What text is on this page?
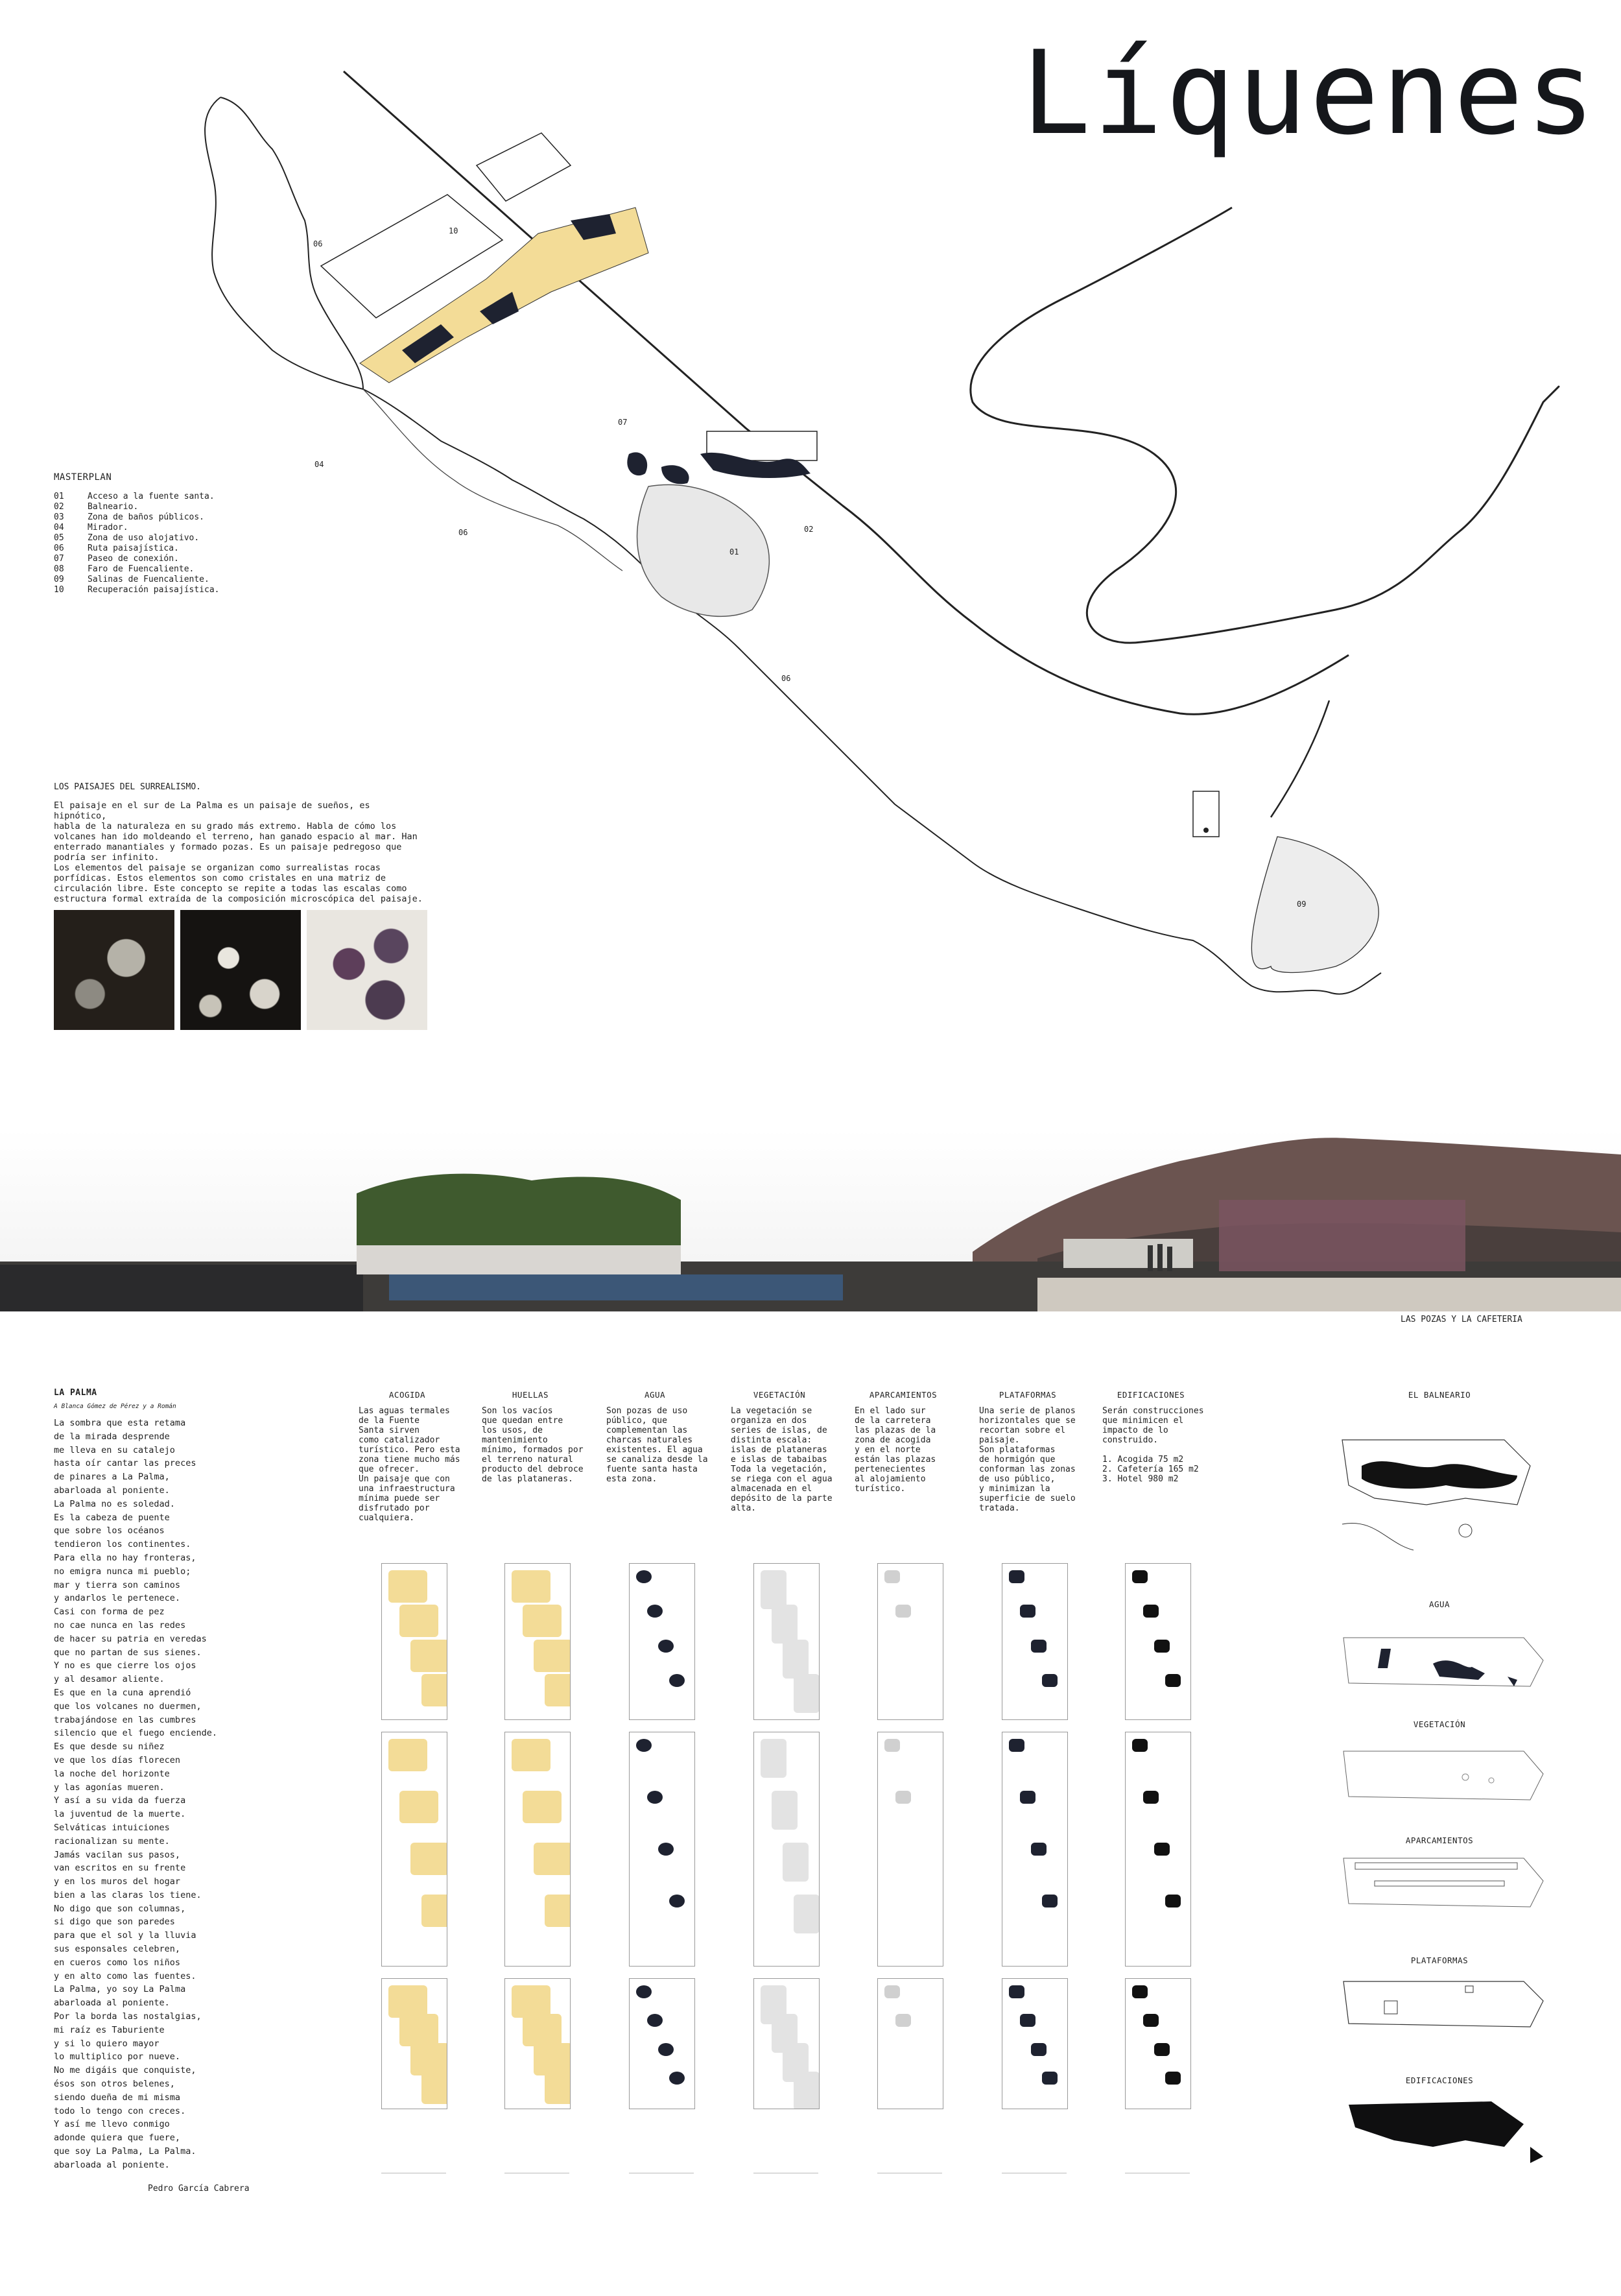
Líquenes
10
06
04
07
06
01
02
06
09
MASTERPLAN
01	Acceso a la fuente santa.
02	Balneario.
03	Zona de baños públicos.
04	Mirador.
05	Zona de uso alojativo.
06	Ruta paisajística.
07	Paseo de conexión.
08	Faro de Fuencaliente.
09	Salinas de Fuencaliente.
10	Recuperación paisajística.
LOS PAISAJES DEL SURREALISMO.
El paisaje en el sur de La Palma es un paisaje de sueños, es hipnótico,
habla de la naturaleza en su grado más extremo. Habla de cómo los
volcanes han ido moldeando el terreno, han ganado espacio al mar. Han
enterrado manantiales y formado pozas. Es un paisaje pedregoso que
podría ser infinito.
Los elementos del paisaje se organizan como surrealistas rocas
porfídicas. Estos elementos son como cristales en una matriz de
circulación libre. Este concepto se repite a todas las escalas como
estructura formal extraída de la composición microscópica del paisaje.
LAS POZAS Y LA CAFETERIA
LA PALMA
A Blanca Gómez de Pérez y a Román
La sombra que esta retama
de la mirada desprende
me lleva en su catalejo
hasta oír cantar las preces
de pinares a La Palma,
abarloada al poniente.
La Palma no es soledad.
Es la cabeza de puente
que sobre los océanos
tendieron los continentes.
Para ella no hay fronteras,
no emigra nunca mi pueblo;
mar y tierra son caminos
y andarlos le pertenece.
Casi con forma de pez
no cae nunca en las redes
de hacer su patria en veredas
que no partan de sus sienes.
Y no es que cierre los ojos
y al desamor aliente.
Es que en la cuna aprendió
que los volcanes no duermen,
trabajándose en las cumbres
silencio que el fuego enciende.
Es que desde su niñez
ve que los días florecen
la noche del horizonte
y las agonías mueren.
Y así a su vida da fuerza
la juventud de la muerte.
Selváticas intuiciones
racionalizan su mente.
Jamás vacilan sus pasos,
van escritos en su frente
y en los muros del hogar
bien a las claras los tiene.
No digo que son columnas,
si digo que son paredes
para que el sol y la lluvia
sus esponsales celebren,
en cueros como los niños
y en alto como las fuentes.
La Palma, yo soy La Palma
abarloada al poniente.
Por la borda las nostalgias,
mi raíz es Taburiente
y si lo quiero mayor
lo multiplico por nueve.
No me digáis que conquiste,
ésos son otros belenes,
siendo dueña de mi misma
todo lo tengo con creces.
Y así me llevo conmigo
adonde quiera que fuere,
que soy La Palma, La Palma.
abarloada al poniente.
Pedro García Cabrera
ACOGIDA
Las aguas termales
de la Fuente
Santa sirven
como catalizador
turístico. Pero esta
zona tiene mucho más
que ofrecer.
Un paisaje que con
una infraestructura
mínima puede ser
disfrutado por
cualquiera.
HUELLAS
Son los vacíos
que quedan entre
los usos, de
mantenimiento
mínimo, formados por
el terreno natural
producto del debroce
de las plataneras.
AGUA
Son pozas de uso
público, que
complementan las
charcas naturales
existentes. El agua
se canaliza desde la
fuente santa hasta
esta zona.
VEGETACIÓN
La vegetación se
organiza en dos
series de islas, de
distinta escala:
islas de plataneras
e islas de tabaibas
Toda la vegetación,
se riega con el agua
almacenada en el
depósito de la parte
alta.
APARCAMIENTOS
En el lado sur
de la carretera
las plazas de la
zona de acogida
y en el norte
están las plazas
pertenecientes
al alojamiento
turístico.
PLATAFORMAS
Una serie de planos
horizontales que se
recortan sobre el
paisaje.
Son plataformas
de hormigón que
conforman las zonas
de uso público,
y minimizan la
superficie de suelo
tratada.
EDIFICACIONES
Serán construcciones
que minimicen el
impacto de lo
construido.
1. Acogida 75 m2
2. Cafetería 165 m2
3. Hotel 980 m2
EL BALNEARIO
AGUA
VEGETACIÓN
APARCAMIENTOS
PLATAFORMAS
EDIFICACIONES
